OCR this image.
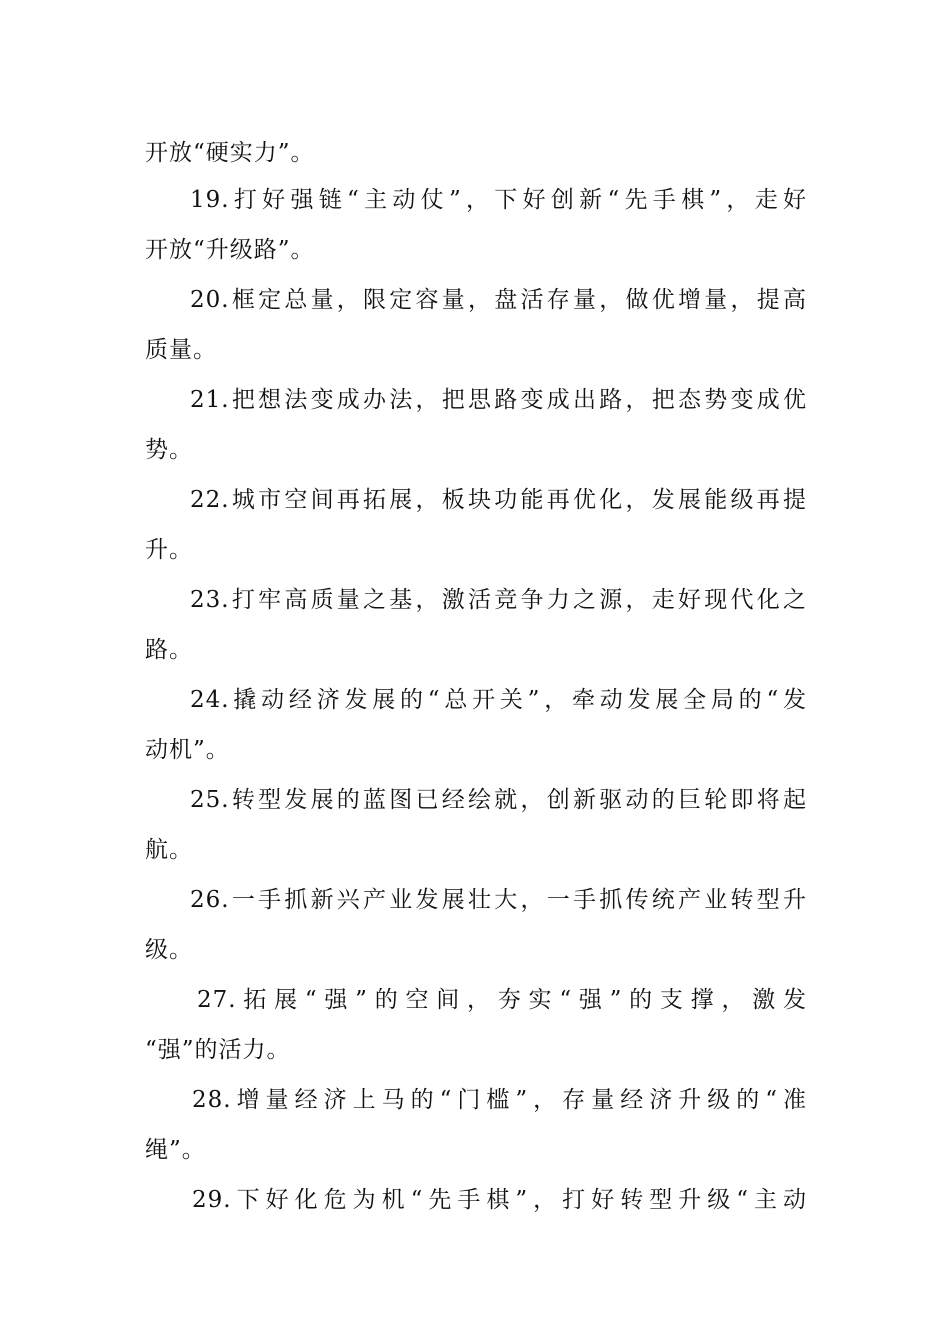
开放“硬实力”。
19.打好强链“主动仗”，下好创新“先手棋”，走好
开放“升级路”。
20.框定总量，限定容量，盘活存量，做优增量，提高
质量。
21.把想法变成办法，把思路变成出路，把态势变成优
势。
22.城市空间再拓展，板块功能再优化，发展能级再提
升。
23.打牢高质量之基，激活竞争力之源，走好现代化之
路。
24.撬动经济发展的“总开关”，牵动发展全局的“发
动机”。
25.转型发展的蓝图已经绘就，创新驱动的巨轮即将起
航。
26.一手抓新兴产业发展壮大，一手抓传统产业转型升
级。
27.拓展“强”的空间，夯实“强”的支撑，激发
“强”的活力。
28.增量经济上马的“门槛”，存量经济升级的“准
绳”。
29.下好化危为机“先手棋”，打好转型升级“主动
